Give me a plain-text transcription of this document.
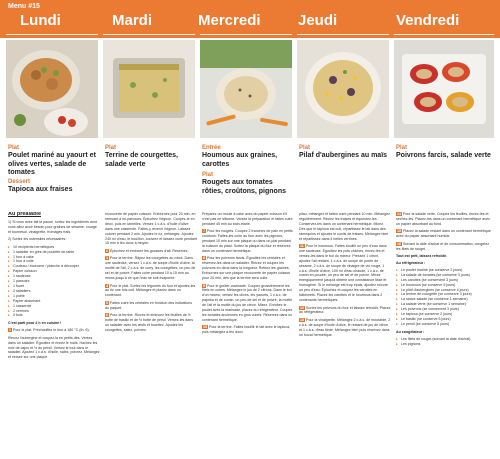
Menu #15
Lundi	Mardi	Mercredi Jeudi	Vendredi
Plat
Poulet mariné au yaourt et olives vertes, salade de tomates
Dessert
Tapioca aux fraises
Plat
Terrine de courgettes, salade verte
Entrée
Houmous aux graines, carottes
Plat
Rougets aux tomates rôties, croûtons, pignons
Plat
Pilaf d'aubergines au maïs
Plat
Poivrons farcis, salade verte
Au préalable

1) Si vous avez fait la pause, sortez les ingrédients dont vous allez avoir besoin pour graines de sésame, courge et tournesol, vinaigrette, fromages frais.

2) Sortez les ustensiles nécessaires :

▸ 10 récipients hermétiques
▸ 1 saladier en grès de poulette de table
▸ 1 four à cake
▸ 1 four à colle
▸ Couteau / économe / planche à découper
▸ Papier cuisson
▸ 1 sauteuse
▸ 1 passoire
▸ 1 fouet
▸ 2 saladiers
▸ 1 poële
▸ Papier absorbant
▸ 1 casserole
▸ 2 verrines
▸ 3 bols
C'est parti pour 2 h en cuisine !

1 Pour le plat. Préchauffez le four à 180 °C (th. 6).

Rincez l'aubergine et coupez-la en petits dés. Versez dans un saladier. Égouttez et rincez le maïs. Hachez les noix de cajou et ½ du persil. Versez le tout dans le saladier. Ajoutez 1 c.à.s. d'huile, salez, poivrez. Mélangez et versez sur une plaque

recouverte de papier cuisson. Enfournez pour 20 min, en remuant à mi-parcours. Épluchez l'oignon. Coupez-le en deux, puis en lamelles. Versez 1 c.à.s. d'huile d'olive dans une casserole. Faites-y revenir l'oignon. Laissez colorer pendant 2 min. Ajoutez le riz, mélangez. Ajoutez 240 ml d'eau, le bouillon, couvrez et laissez cuire pendant 15 min à feu doux à moyen.

2 Épluchez et émincez les gousses d'ail. Réservez.

3 Pour la terrine. Râpez les courgettes au robot. Dans une sauteuse, versez 1 c.à.s. de soupe d'huile d'olive, la moitié de l'ail, 2 c.à.s. de curry, les courgettes, un peu de sel et de poivre. Faites cuire pendant 10 à 15 min au moins jusqu'à ce que l'eau se soit évaporée.

4 Pour le plat. Sortez les légumes du four et ajoutez-les au riz une fois cuit. Mélangez et placez dans un contenant.

5 Faites cuire les céréales en fonction des indications du paquet.

6 Pour la terrine. Rincez et émincez les feuilles de ½ botte de basilic et de ½ botte de persil. Versez-les dans un saladier avec les œufs et fouettez. Ajoutez les courgettes, salez, poivrez.

Préparez un moule à cake avec du papier cuisson s'il n'est pas en silicone. Versez la préparation et faites cuire pendant 45 min au bain-marie.

7 Pour les rougets. Coupez 2 tranches de pain en petits croûtons. Faites-les cuire au four avec les pignons, pendant 10 min sur une plaque ou dans un plat pendant la cuisson du plaid. Sortez la plaque du four et réservez dans un contenant hermétique.

8 Pour les poivrons farcis. Égouttez les céréales et réservez-les dans un saladier. Rincez et coupez les poivrons en deux dans la longueur. Retirez les graines. Enfournez sur une plaque recouverte de papier cuisson pour 20 min, dès que la terrine sera cuite.

9 Pour le goûter-marinade. Coupez grossièrement les filets en cubes. Mélangez le jus de 2 citrons. Dans le bol d'un mixeur, versez les olives, les yaourts, 1 c.à.c. de paprika et de cumin, un peu de sel et de poivre, la moitié de l'ail et la moitié du jus de citron. Mixez. Enrobez le poulet avec la marinade, placez au réfrigérateur. Coupez les tomates anciennes en gros cubes. Réservez dans un contenant hermétique.

10 Pour la terrine. Faites bouillir le lait avec le tapioca, puis mélangez à feu doux

pilau, mélangez et faites cuire pendant 10 min. Mélangez régulièrement. Rincez les fraises et équeutez-les. Conservez-les dans un contenant hermétique. Mixez. Dès que le tapioca est cuit, répartissez le lait dans des ramequins et ajoutez le coulis de fraises. Mélangez bien et répartissez dans 4 belles verrines.

11 Pour le houmous. Faites bouillir un peu d'eau dans une sauteuse. Égouttez les pois chiches, rincez-les et versez-les dans le bol du mixeur. Pressez 1 citron, ajoutez l'ail restant, 1 c.à.s. de soupe de purée de sésame, 2 c.à.s. de soupe de vinaigre de vin rouge, 1 c.à.s. d'huile d'olive, 100 ml d'eau chaude, 1 c.à.c. de cumin en poudre, un peu de sel et de poivre. Mixez énergiquement jusqu'à obtenir une consistance lisse et homogène. Si le mélange est trop épais, ajoutez encore un peu d'eau. Épluchez et coupez les carottes en bâtonnets. Placez les carottes et le houmous dans 2 contenants hermétiques.

12 Sortez les poivrons du four et laissez refroidir. Placez au réfrigérateur.

13 Pour la vinaigrette. Mélangez 2 c.à.s. de moutarde, 2 c.à.s. de soupe d'huile d'olive, le restant de jus de citron et 1 c.à.s. d'eau tiède. Mélangez bien puis réservez dans un bocal hermétique.

14 Pour la salade verte. Coupez les feuilles, rincez-les et séchez-les. Placez-les dans un contenant hermétique avec un papier absorbant au fond.

15 Placez la salade restant dans un contenant hermétique avec du papier absorbant humide.

16 Suivant la date d'achat et de consommation, congelez les filets de rouget.

Tout est prêt, laissez refroidir.
Au réfrigérateur :
▸ Le poulet mariné (se conserve 2 jours)
▸ La salade de tomates (se conserve 3 jours)
▸ Les carottes (se conservent 3 jours)
▸ Le houmous (se conserve 5 jours)
▸ Le pilaf d'aubergines (se conserve 4 jours)
▸ La terrine de courgette (se conserve 3 jours)
▸ La sauce salade (se conserve 1 semaine)
▸ La salade verte (se conserve 1 semaine)
▸ Les poivrons (se conservent 3 jours)
▸ Le tapioca (se conserve 2 jours)
▸ Le basilic (se conserve 5 jours)
▸ Le persil (se conserve 5 jours)
Au congélateur :
▸ Les filets de rouget (suivant la date d'achat)
▸ Les pignons
